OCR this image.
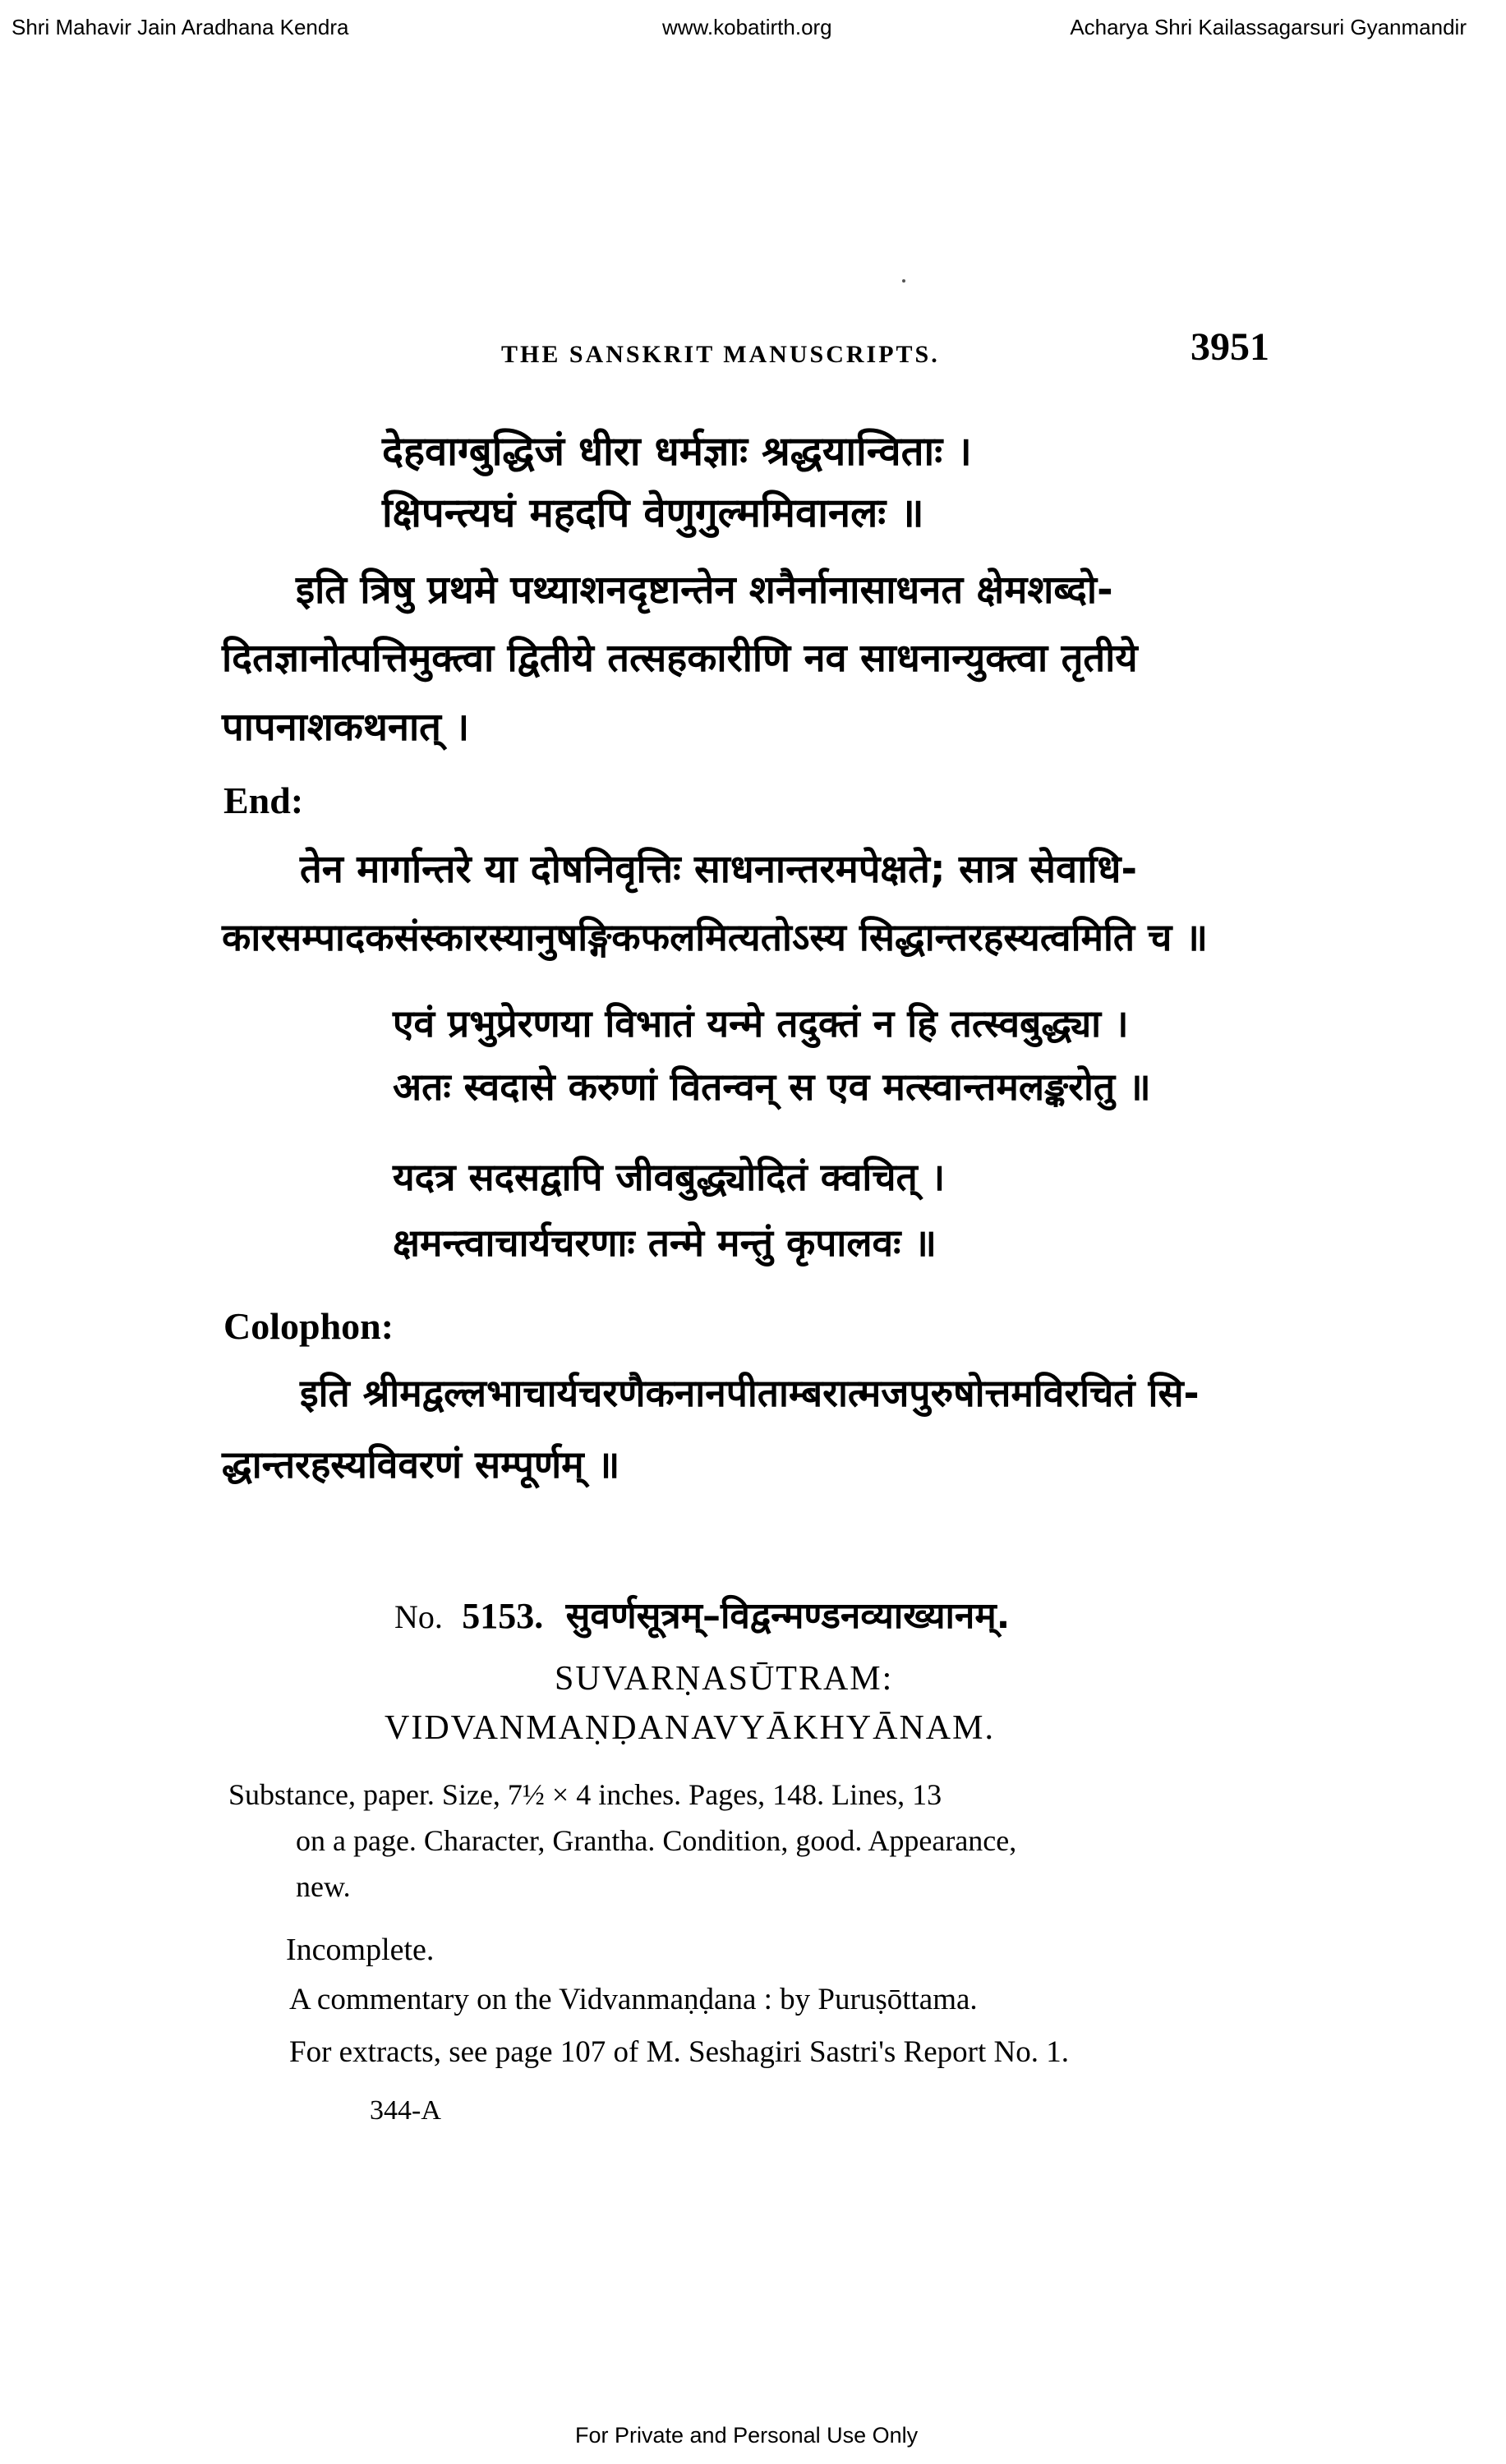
Shri Mahavir Jain Aradhana Kendra	www.kobatirth.org	Acharya Shri Kailassagarsuri Gyanmandir
THE SANSKRIT MANUSCRIPTS.	3951
देहवाग्बुद्धिजं धीरा धर्मज्ञाः श्रद्धयान्विताः ।
क्षिपन्त्यघं महदपि वेणुगुल्ममिवानलः ॥
इति त्रिषु प्रथमे पथ्याशनदृष्टान्तेन शनैर्नानासाधनत क्षेमशब्दो-
दितज्ञानोत्पत्तिमुक्त्वा द्वितीये तत्सहकारीणि नव साधनान्युक्त्वा तृतीये
पापनाशकथनात् ।
End:
तेन मार्गान्तरे या दोषनिवृत्तिः साधनान्तरमपेक्षते; सात्र सेवाधि-
कारसम्पादकसंस्कारस्यानुषङ्गिकफलमित्यतोऽस्य सिद्धान्तरहस्यत्वमिति च ॥
एवं प्रभुप्रेरणया विभातं यन्मे तदुक्तं न हि तत्स्वबुद्ध्या ।
अतः स्वदासे करुणां वितन्वन् स एव मत्स्वान्तमलङ्करोतु ॥
यदत्र सदसद्वापि जीवबुद्ध्योदितं क्वचित् ।
क्षमन्त्वाचार्यचरणाः तन्मे मन्तुं कृपालवः ॥
Colophon:
इति श्रीमद्वल्लभाचार्यचरणैकनानपीताम्बरात्मजपुरुषोत्तमविरचितं सि-
द्धान्तरहस्यविवरणं सम्पूर्णम् ॥
No. 5153. सुवर्णसूत्रम्–विद्वन्मण्डनव्याख्यानम्.
SUVARṆASŪTRAM:
VIDVANMAṆḌANAVYĀKHYĀNAM.
Substance, paper. Size, 7½ × 4 inches. Pages, 148. Lines, 13
on a page. Character, Grantha. Condition, good. Appearance,
new.
Incomplete.
A commentary on the Vidvanmaṇḍana : by Puruṣōttama.
For extracts, see page 107 of M. Seshagiri Sastri's Report No. 1.
344-A
For Private and Personal Use Only
